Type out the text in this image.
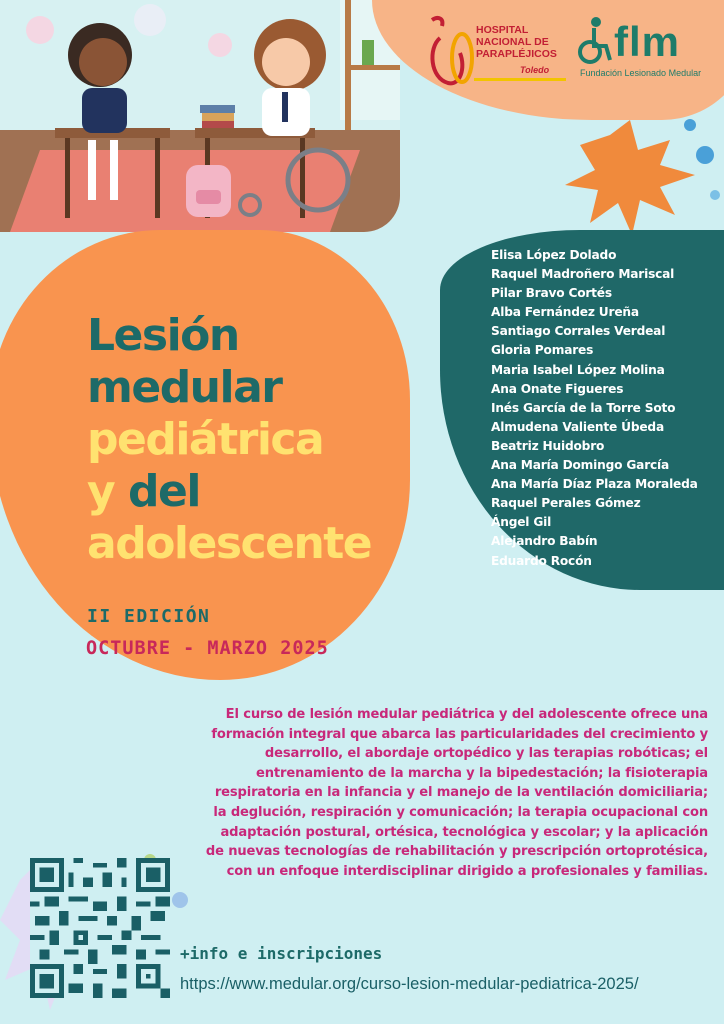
HOSPITAL
NACIONAL DE
PARAPLÉJICOS
Toledo
flm
Fundación Lesionado Medular
Elisa López Dolado
Raquel Madroñero Mariscal
Pilar Bravo Cortés
Alba Fernández Ureña
Santiago Corrales Verdeal
Gloria Pomares
Maria Isabel López Molina
Ana Onate Figueres
Inés García de la Torre Soto
Almudena Valiente Úbeda
Beatriz Huidobro
Ana María Domingo García
Ana María Díaz Plaza Moraleda
Raquel Perales Gómez
Ángel Gil
Alejandro Babín
Eduardo Rocón
Lesión
medular
pediátrica
y del
adolescente
II EDICIÓN
OCTUBRE - MARZO 2025
El curso de lesión medular pediátrica y del adolescente ofrece una formación integral que abarca las particularidades del crecimiento y desarrollo, el abordaje ortopédico y las terapias robóticas; el entrenamiento de la marcha y la bipedestación; la fisioterapia respiratoria en la infancia y el manejo de la ventilación domiciliaria; la deglución, respiración y comunicación; la terapia ocupacional con adaptación postural, ortésica, tecnológica y escolar; y la aplicación de nuevas tecnologías de rehabilitación y prescripción ortoprotésica, con un enfoque interdisciplinar dirigido a profesionales y familias.
+info e inscripciones
https://www.medular.org/curso-lesion-medular-pediatrica-2025/
